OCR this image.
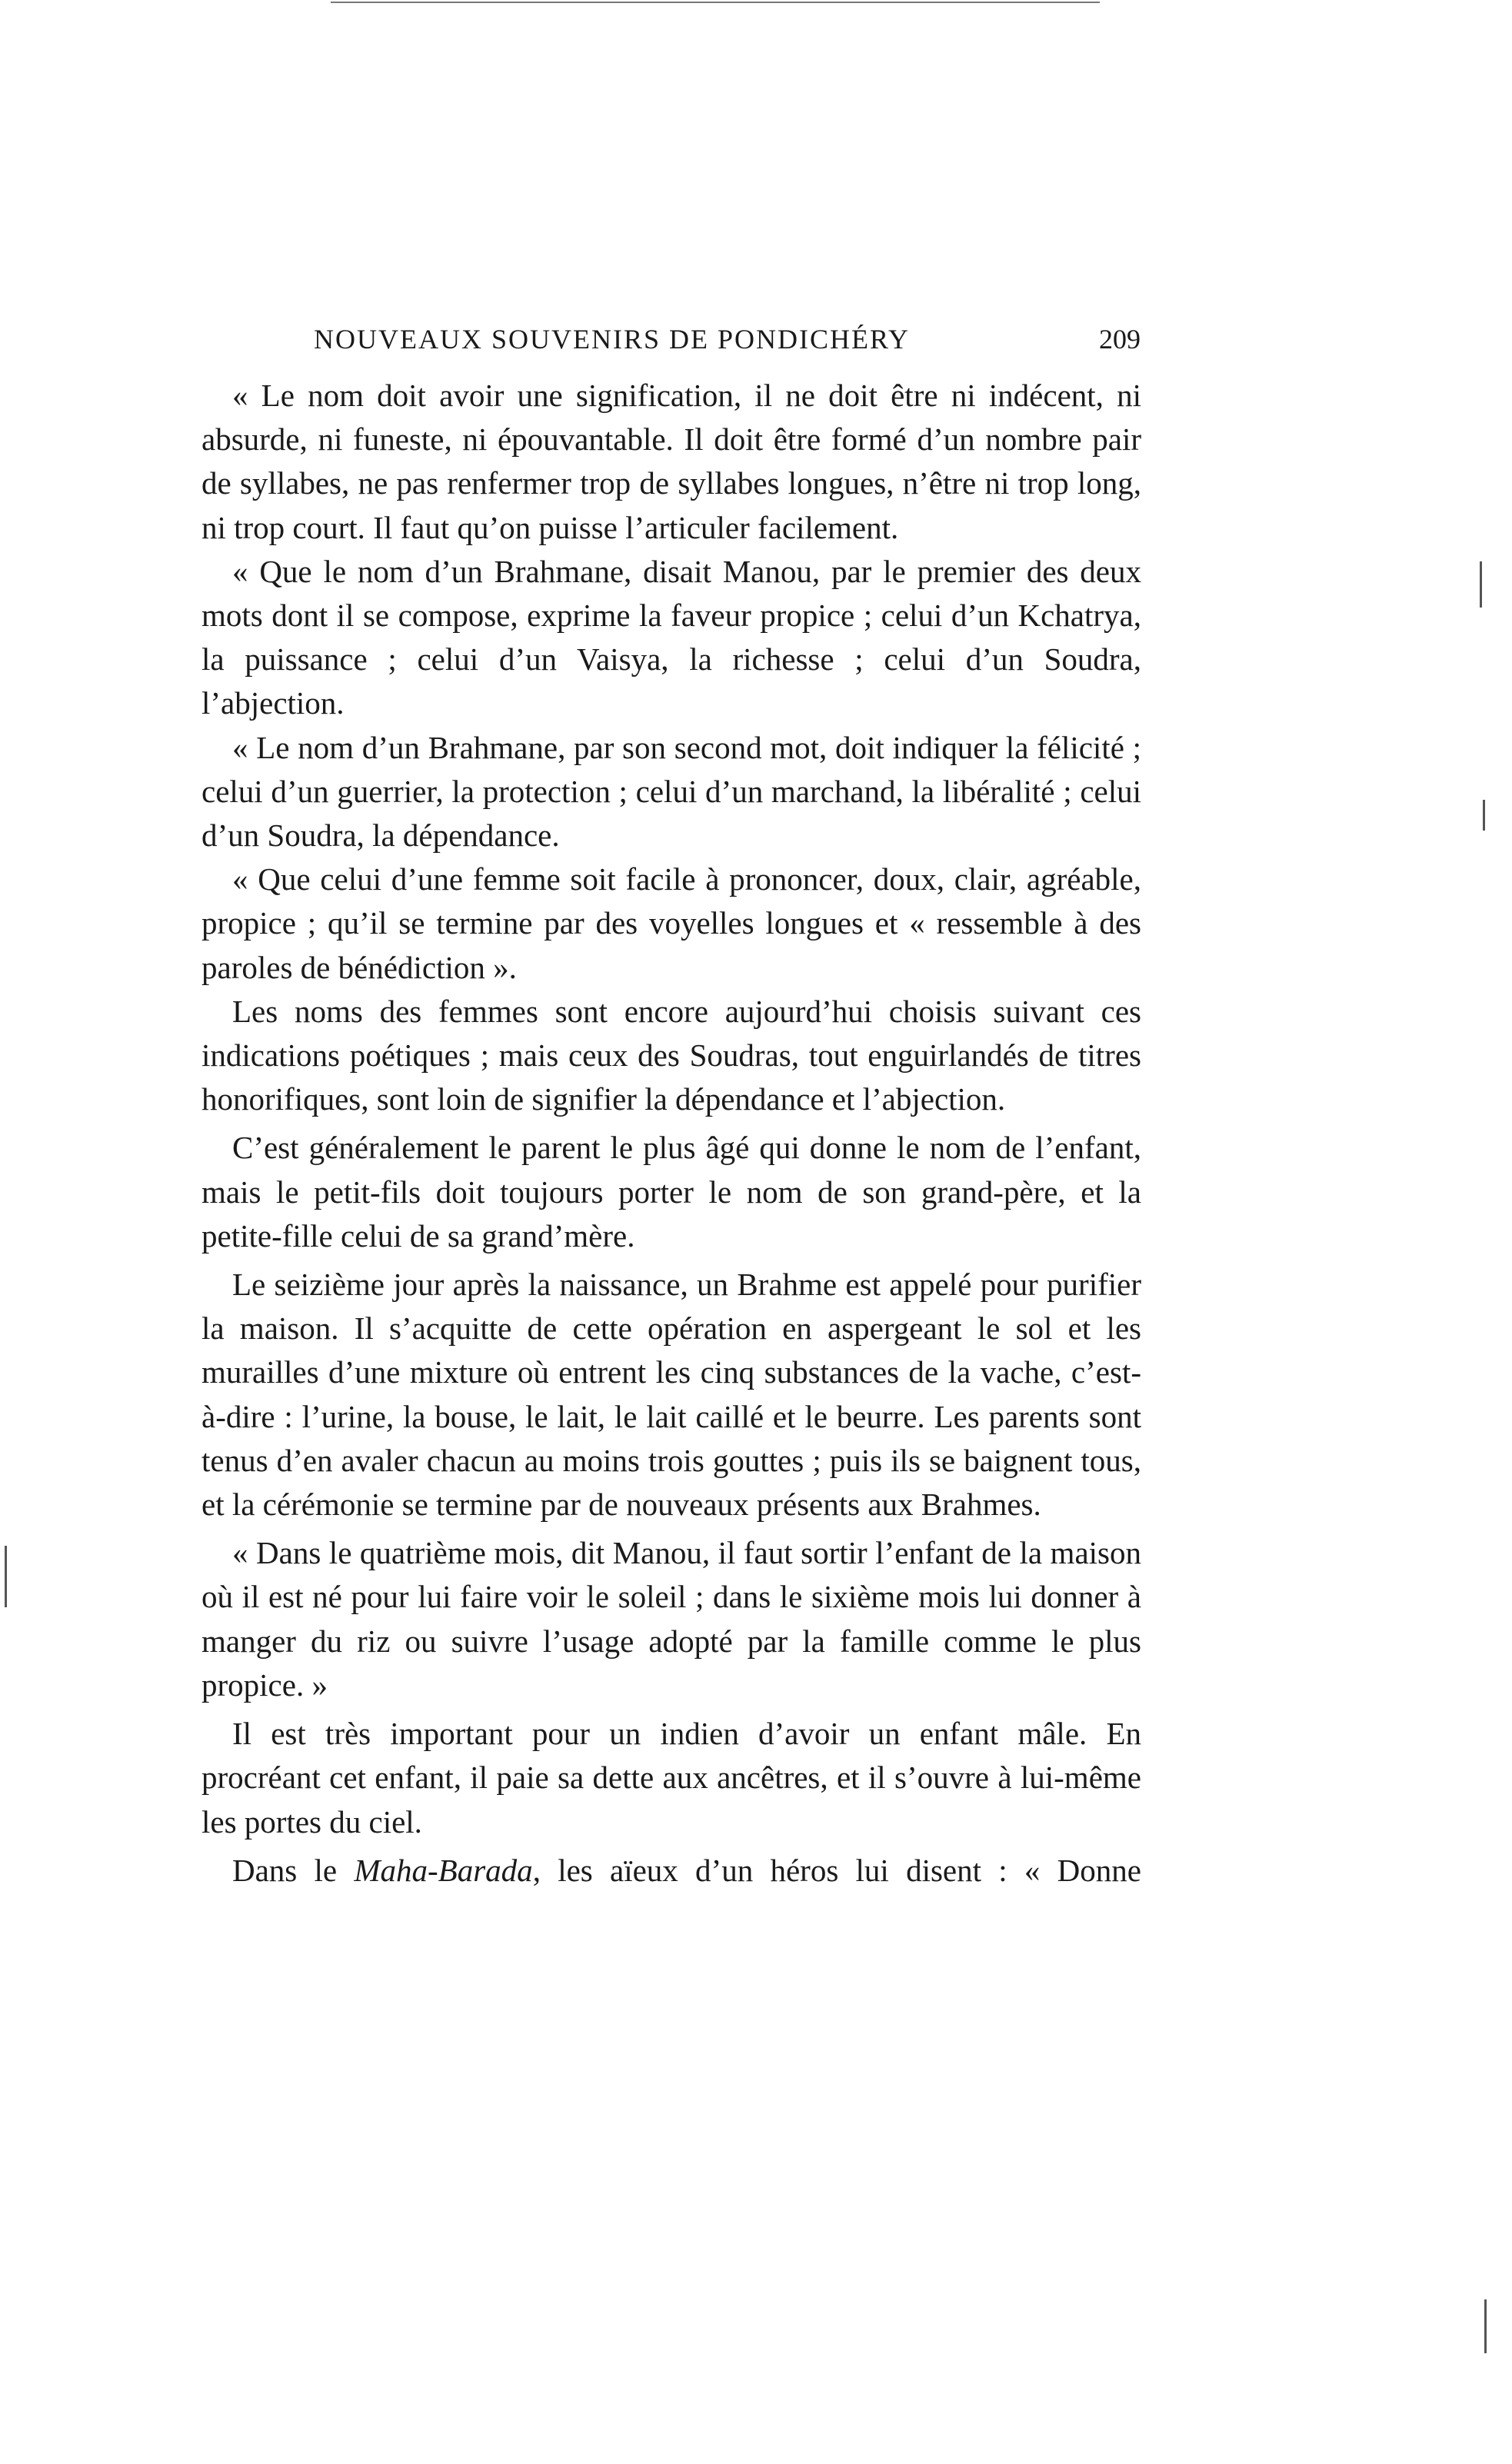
NOUVEAUX SOUVENIRS DE PONDICHÉRY	209

« Le nom doit avoir une signification, il ne doit être ni indécent, ni absurde, ni funeste, ni épouvantable. Il doit être formé d’un nombre pair de syllabes, ne pas renfermer trop de syllabes longues, n’être ni trop long, ni trop court. Il faut qu’on puisse l’articuler facilement.

« Que le nom d’un Brahmane, disait Manou, par le premier des deux mots dont il se compose, exprime la faveur propice ; celui d’un Kchatrya, la puissance ; celui d’un Vaisya, la richesse ; celui d’un Soudra, l’abjection.

« Le nom d’un Brahmane, par son second mot, doit indiquer la félicité ; celui d’un guerrier, la protection ; celui d’un marchand, la libéralité ; celui d’un Soudra, la dépendance.

« Que celui d’une femme soit facile à prononcer, doux, clair, agréable, propice ; qu’il se termine par des voyelles longues et « ressemble à des paroles de bénédiction ».

Les noms des femmes sont encore aujourd’hui choisis suivant ces indications poétiques ; mais ceux des Soudras, tout enguirlandés de titres honorifiques, sont loin de signifier la dépendance et l’abjection.

C’est généralement le parent le plus âgé qui donne le nom de l’enfant, mais le petit-fils doit toujours porter le nom de son grand-père, et la petite-fille celui de sa grand’mère.

Le seizième jour après la naissance, un Brahme est appelé pour purifier la maison. Il s’acquitte de cette opération en aspergeant le sol et les murailles d’une mixture où entrent les cinq substances de la vache, c’est-à-dire : l’urine, la bouse, le lait, le lait caillé et le beurre. Les parents sont tenus d’en avaler chacun au moins trois gouttes ; puis ils se baignent tous, et la cérémonie se termine par de nouveaux présents aux Brahmes.

« Dans le quatrième mois, dit Manou, il faut sortir l’enfant de la maison où il est né pour lui faire voir le soleil ; dans le sixième mois lui donner à manger du riz ou suivre l’usage adopté par la famille comme le plus propice. »

Il est très important pour un indien d’avoir un enfant mâle. En procréant cet enfant, il paie sa dette aux ancêtres, et il s’ouvre à lui-même les portes du ciel.

Dans le Maha-Barada, les aïeux d’un héros lui disent : « Donne
